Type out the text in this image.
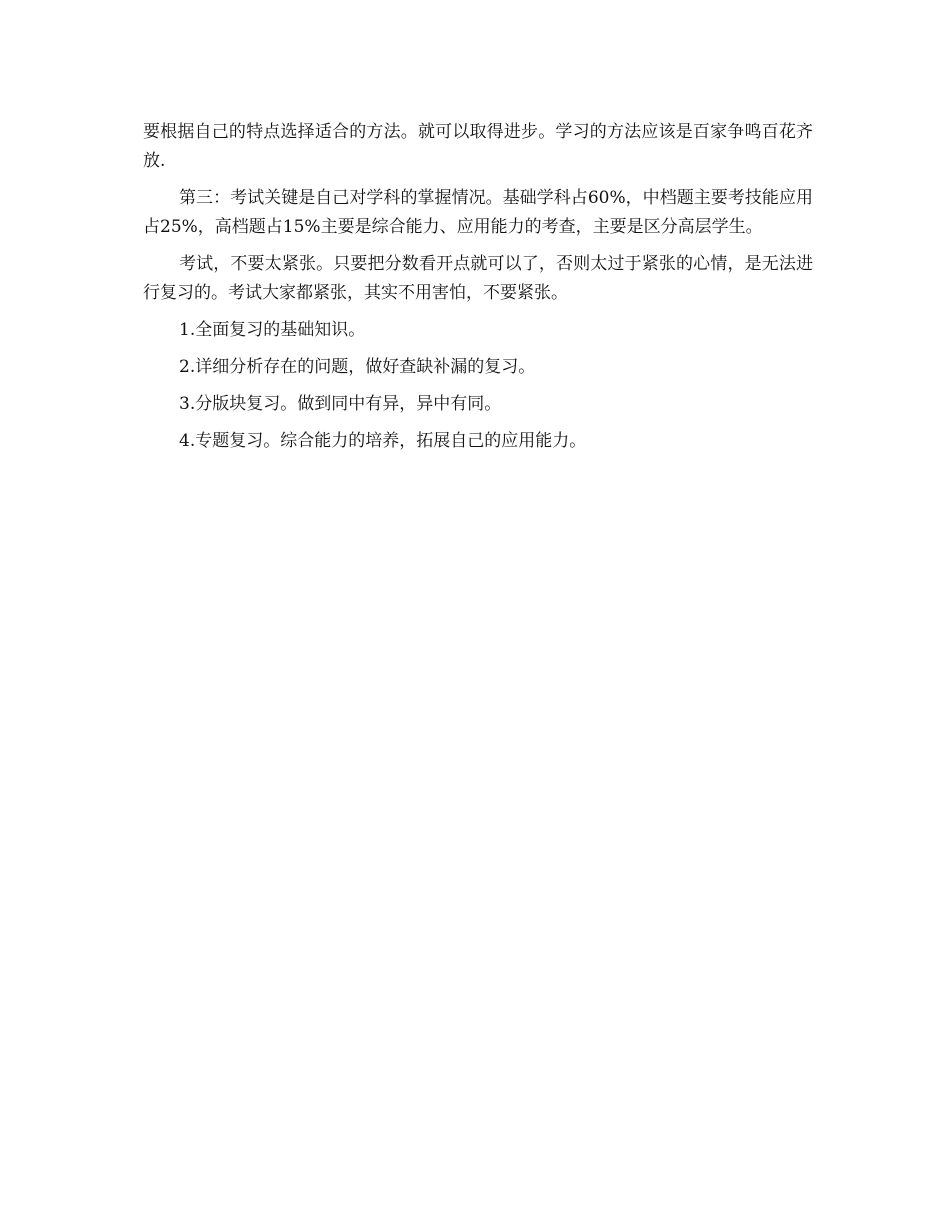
要根据自己的特点选择适合的方法。就可以取得进步。学习的方法应该是百家争鸣百花齐放.

第三：考试关键是自己对学科的掌握情况。基础学科占60%，中档题主要考技能应用占25%，高档题占15%主要是综合能力、应用能力的考查，主要是区分高层学生。

考试，不要太紧张。只要把分数看开点就可以了，否则太过于紧张的心情，是无法进行复习的。考试大家都紧张，其实不用害怕，不要紧张。

1.全面复习的基础知识。
2.详细分析存在的问题，做好查缺补漏的复习。
3.分版块复习。做到同中有异，异中有同。
4.专题复习。综合能力的培养，拓展自己的应用能力。
